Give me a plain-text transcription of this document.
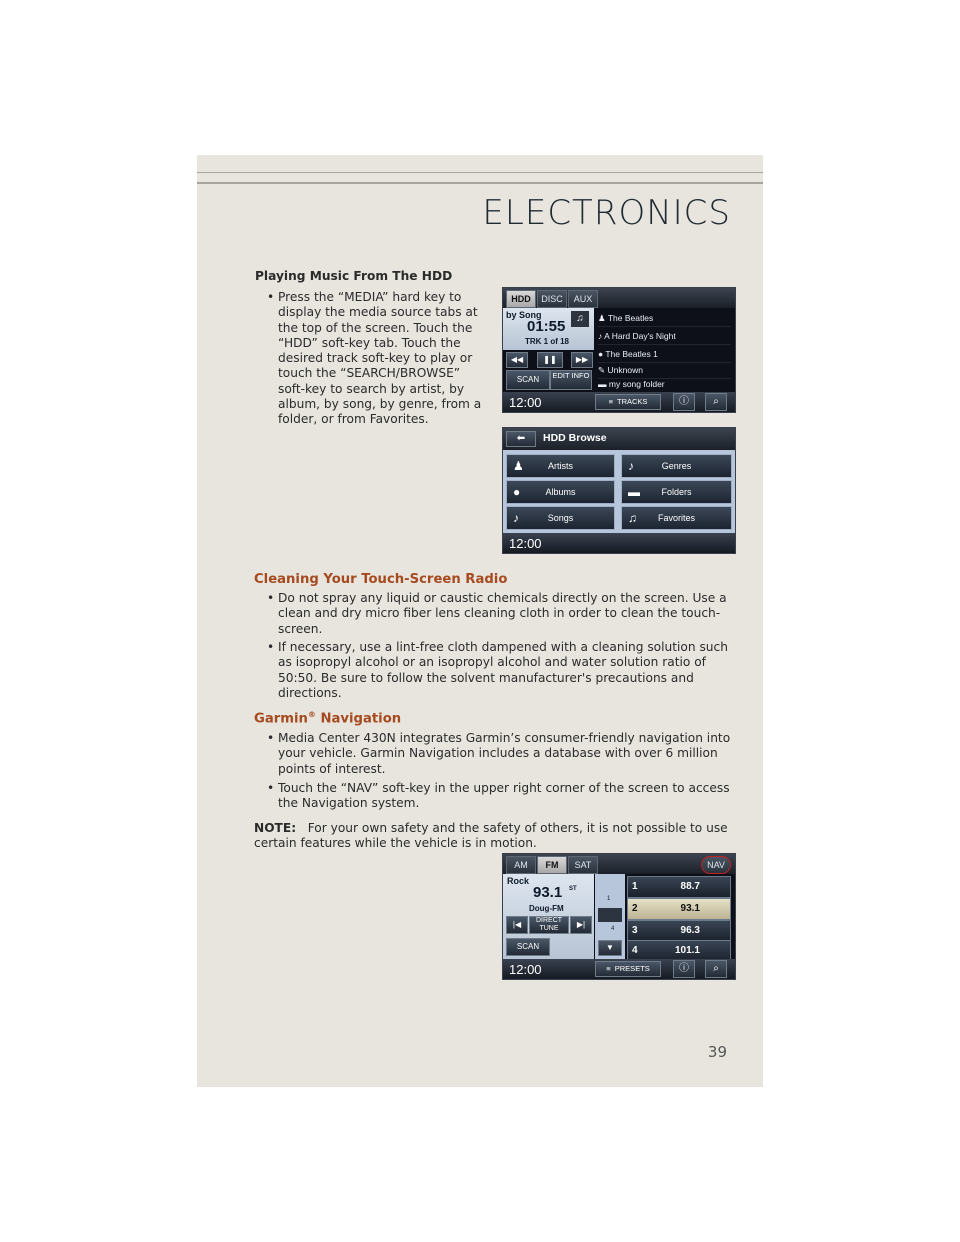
ELECTRONICS
Playing Music From The HDD
• Press the “MEDIA” hard key to display the media source tabs at the top of the screen. Touch the “HDD” soft-key tab. Touch the desired track soft-key to play or touch the “SEARCH/BROWSE” soft-key to search by artist, by album, by song, by genre, from a folder, or from Favorites.
HDD	DISC	AUX
by Song
01:55
TRK 1 of 18
♫
◀◀	❚❚	▶▶
SCAN	EDIT INFO
♟ The Beatles
♪ A Hard Day's Night
● The Beatles 1
✎ Unknown
▬ my song folder
12:00	≡ TRACKS	ⓘ	⌕
⬅	HDD Browse
♟	Artists	♪	Genres
●	Albums	▬	Folders
♪	Songs	♫	Favorites
12:00
Cleaning Your Touch-Screen Radio
• Do not spray any liquid or caustic chemicals directly on the screen. Use a clean and dry micro fiber lens cleaning cloth in order to clean the touch-screen.
• If necessary, use a lint-free cloth dampened with a cleaning solution such as isopropyl alcohol or an isopropyl alcohol and water solution ratio of 50:50. Be sure to follow the solvent manufacturer's precautions and directions.
Garmin® Navigation
• Media Center 430N integrates Garmin’s consumer-friendly navigation into your vehicle. Garmin Navigation includes a database with over 6 million points of interest.
• Touch the “NAV” soft-key in the upper right corner of the screen to access the Navigation system.
NOTE: For your own safety and the safety of others, it is not possible to use certain features while the vehicle is in motion.
AM	FM	SAT	NAV
Rock
93.1 ST
Doug-FM
|◀	DIRECT TUNE	▶|
SCAN
1
4
▼
1	88.7
2	93.1
3	96.3
4	101.1
12:00	≡ PRESETS	ⓘ	⌕
39
